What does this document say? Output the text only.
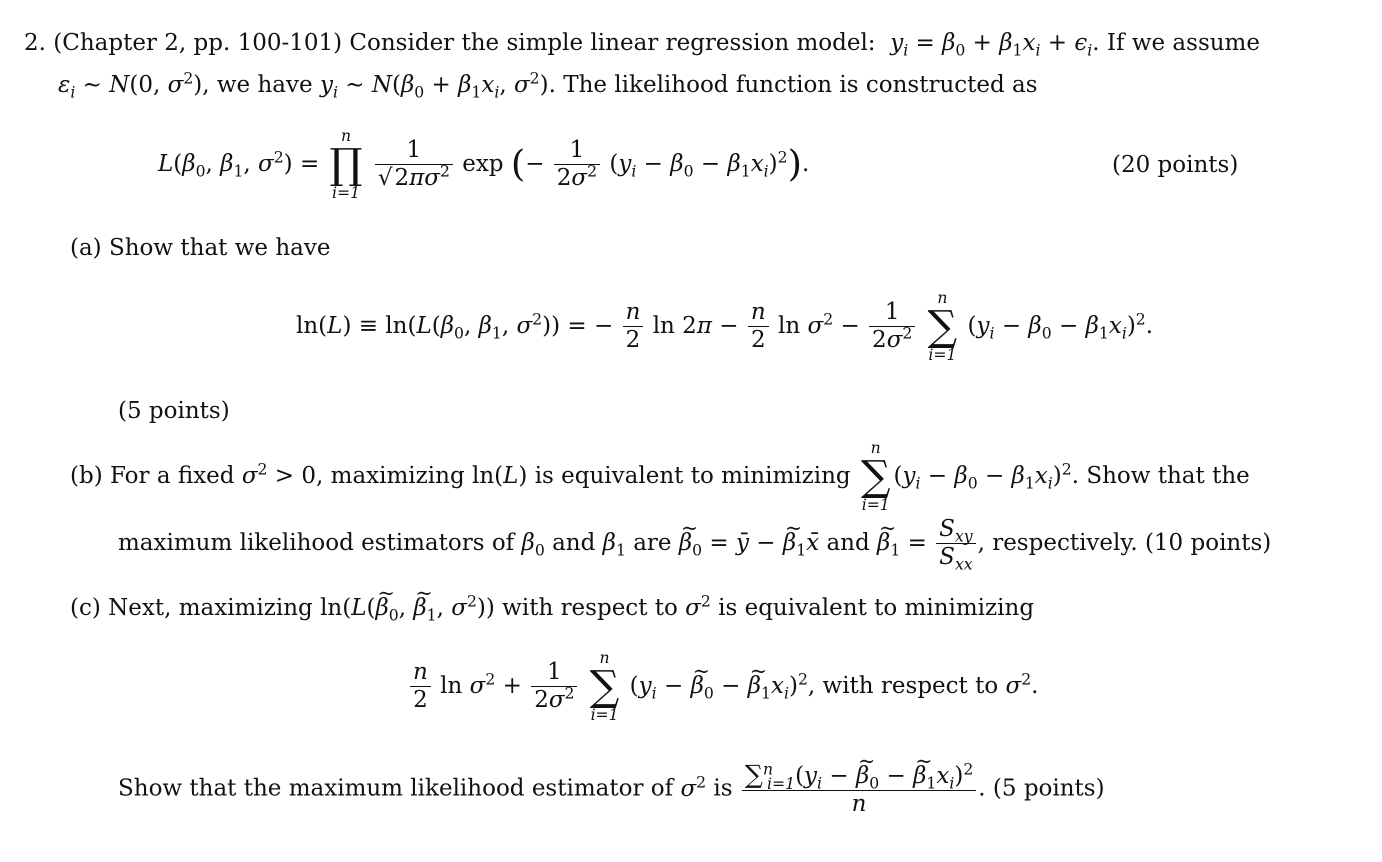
2. (Chapter 2, pp. 100-101) Consider the simple linear regression model: $y_i = \beta_0 + \beta_1x_i + \epsilon_i$. If we assume
$\varepsilon_i$ ∼ N(0, $\sigma^2$), we have $y_i$ ∼ $N(\beta_0 + \beta_1x_i$, $\sigma^2$). The likelihood function is constructed as
$L(\beta_0$, $\beta_1$, $\sigma^2$) =
n
∏
i=1

$\frac{1}{√2\pi\sigma^2}$ exp (− $\frac{1}{2\sigma^2} (y_i - \beta_0 - \beta_1x_i)^2$).	(20 points)
(a) Show that we have
$\ln(L) \equiv \ln(L(\beta_0$, $\beta_1$, $\sigma^2$)) = − $\frac{n}{2}$ $\ln 2\pi - \frac{n}{2}$ $\ln \sigma^2 - \frac{1}{2\sigma^2}$

n
∑
i=1
$(y_i - \beta_0 - \beta_1x_i)^2$.
(5 points)
(b) For a fixed $\sigma^2 > 0$, maximizing ln(L) is equivalent to minimizing
n
∑
i=1
$(y_i - \beta_0 - \beta_1x_i)^2$. Show that the
maximum likelihood estimators of $\beta_0$ and $\beta_1$ are ~ $\beta_0$ = ȳ − ~ $\beta_1x̄$ and ~ $\beta_1 = \frac{S_{xy}}{S_{xx}}$ , respectively. (10 points)
(c) Next, maximizing ln(L(~ $\beta_0$, ~ $\beta_1$, $\sigma^2$)) with respect to $\sigma^2$ is equivalent to minimizing
$\frac{n}{2}$ $\ln \sigma^2 + \frac{1}{2\sigma^2}$

n
∑
i=1
($y_i$ − ~ $\beta_0$ − ~ $\beta_1x_i)^2$, with respect to $\sigma^2$.
Show that the maximum likelihood estimator of $\sigma^2$ is $\frac{\sum^n_{i=1}(y_i - \sim \beta_0 - \sim \beta_1x_i)^2}{n}$ . (5 points)
